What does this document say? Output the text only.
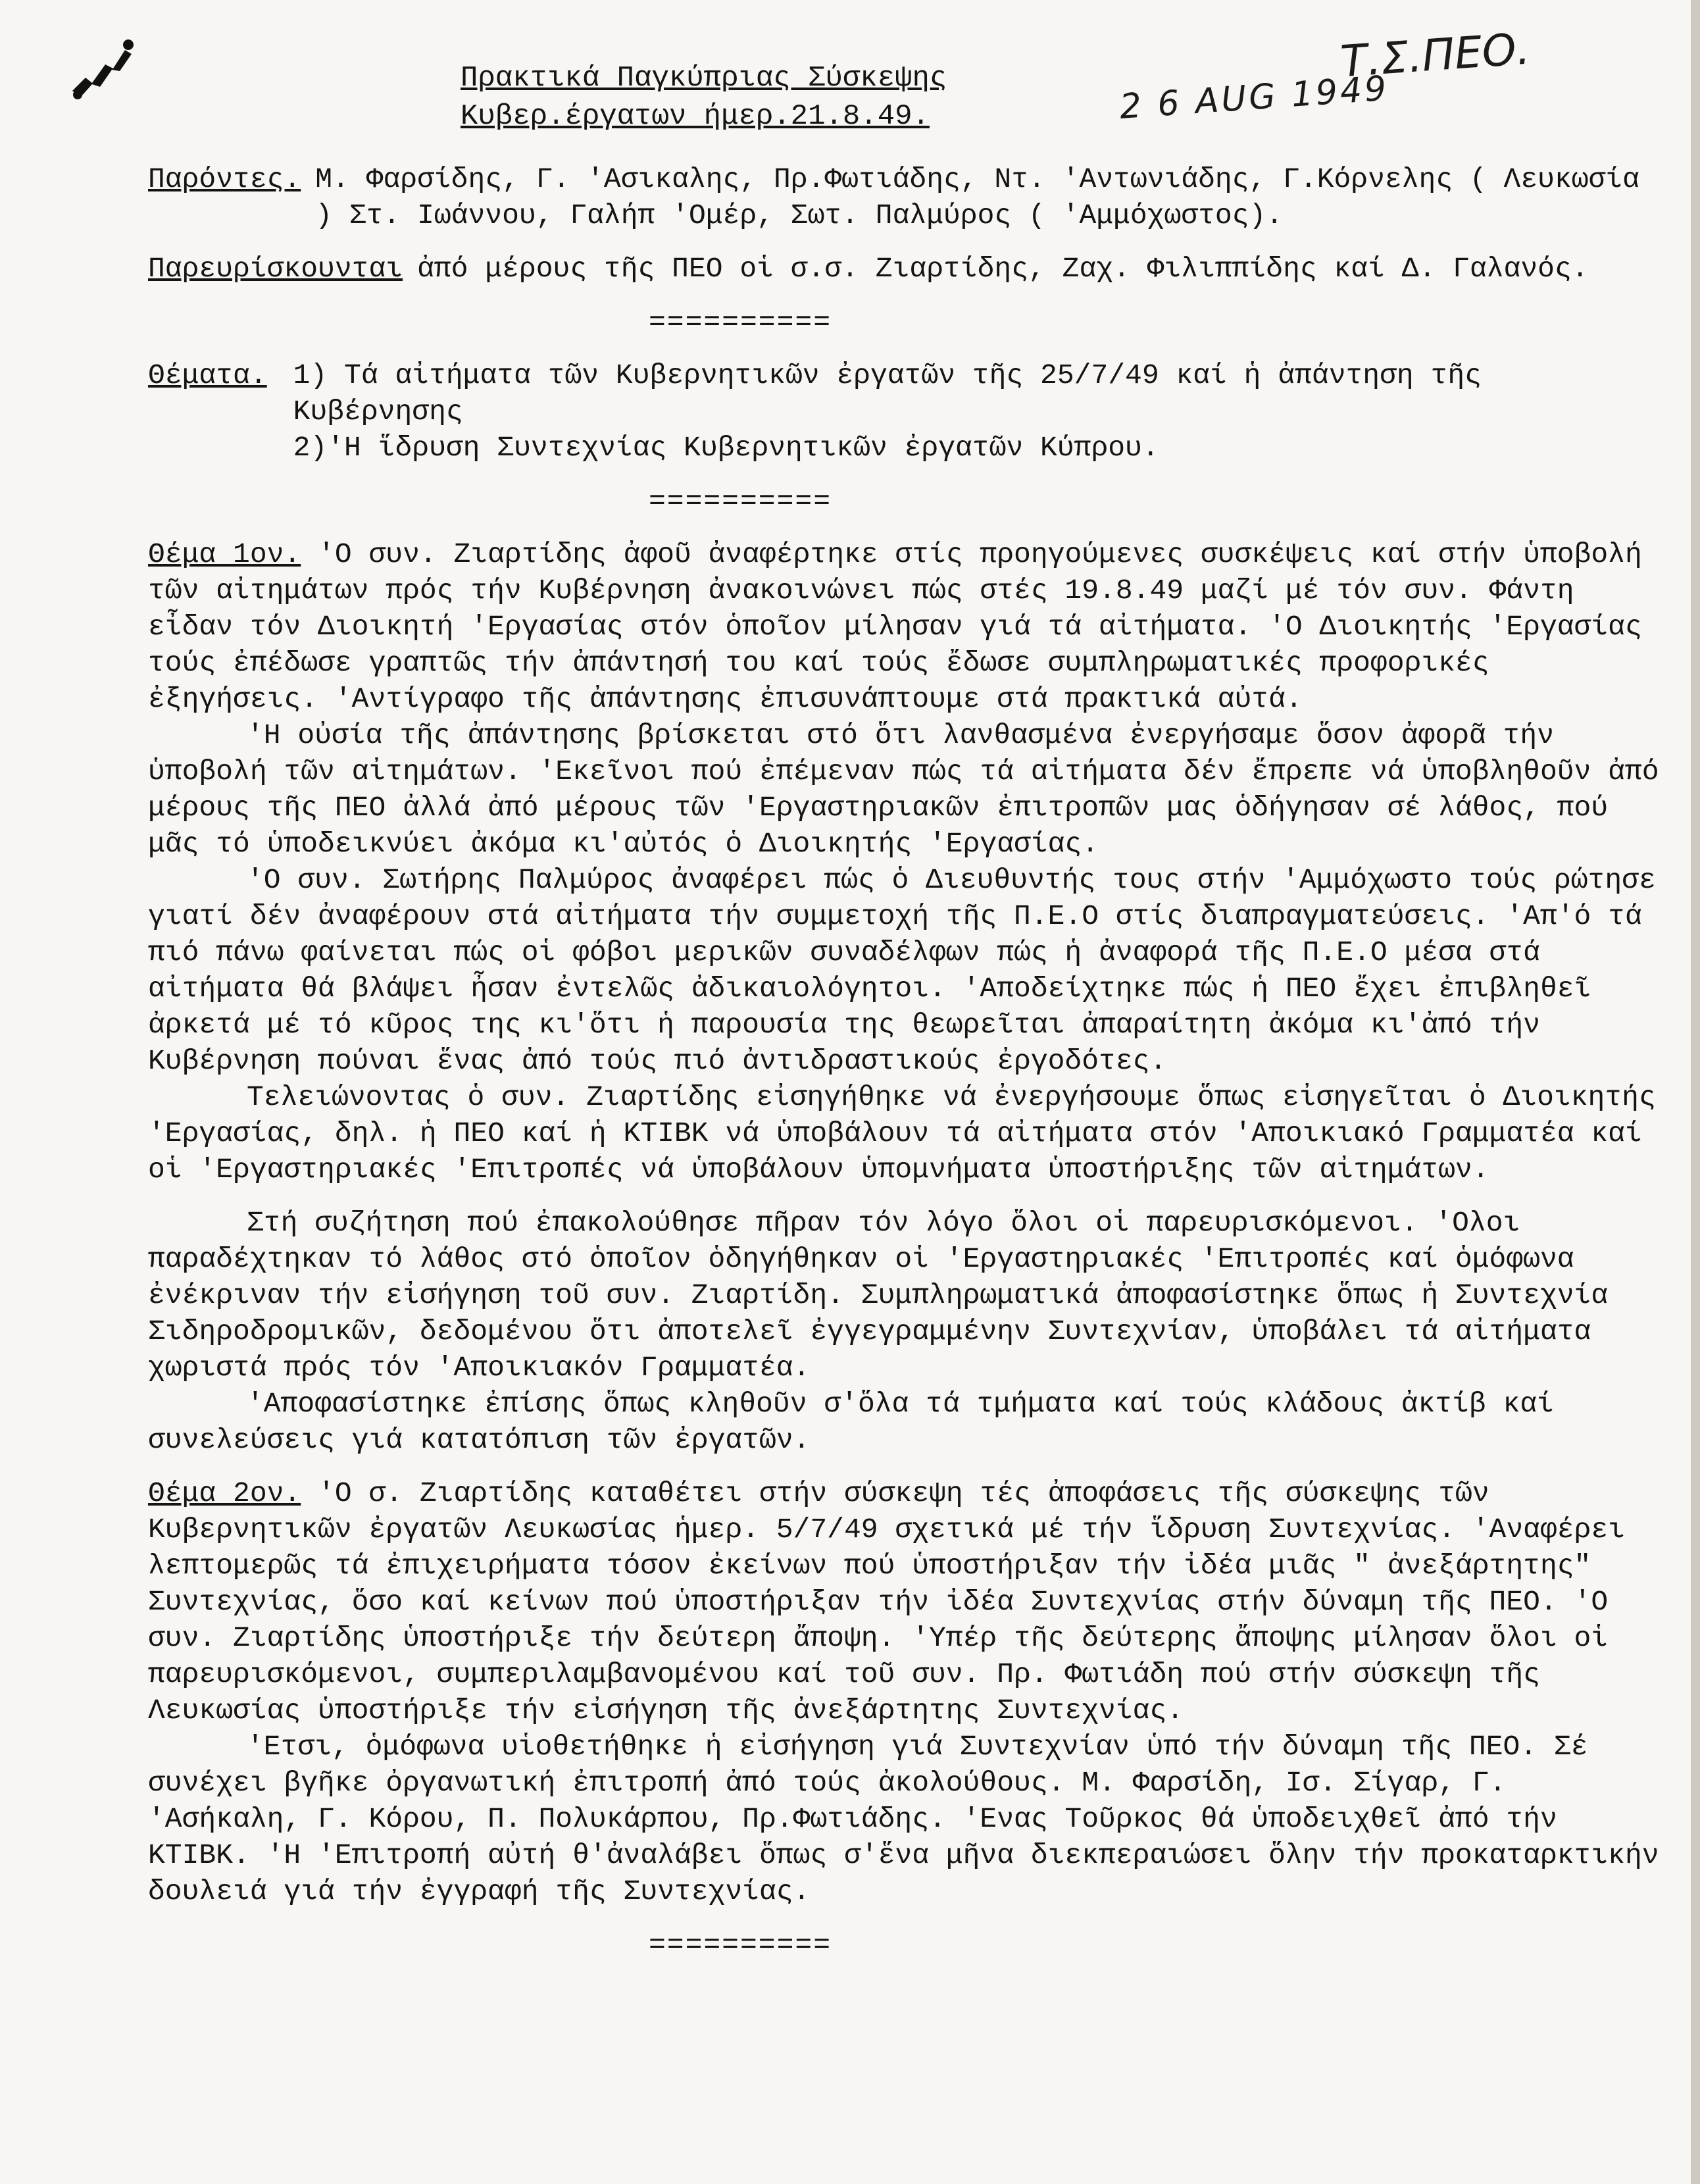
Πρακτικά Παγκύπριας Σύσκεψης
Κυβερ.έργατων ήμερ.21.8.49.	2 6 AUG 1949
Τ.Σ.ΠΕΟ.
Παρόντες. Μ. Φαρσίδης, Γ. 'Ασικαλης, Πρ.Φωτιάδης, Ντ. 'Αντωνιάδης, Γ.Κόρνελης ( Λευκωσία ) Στ. Ιωάννου, Γαλήπ 'Ομέρ, Σωτ. Παλμύρος ( 'Αμμόχωστος).
Παρευρίσκουνται ἀπό μέρους τῆς ΠΕΟ οἱ σ.σ. Ζιαρτίδης, Ζαχ. Φιλιππίδης καί Δ. Γαλανός.
==========
Θέματα. 1) Τά αἰτήματα τῶν Κυβερνητικῶν ἐργατῶν τῆς 25/7/49 καί ἡ ἀπάντηση τῆς Κυβέρνησης
2)'Η ἵδρυση Συντεχνίας Κυβερνητικῶν ἐργατῶν Κύπρου.
==========

Θέμα 1ον. 'Ο συν. Ζιαρτίδης ἀφοῦ ἀναφέρτηκε στίς προηγούμενες συσκέψεις καί στήν ὑποβολή τῶν αἰτημάτων πρός τήν Κυβέρνηση ἀνακοινώνει πώς στές 19.8.49 μαζί μέ τόν συν. Φάντη εἶδαν τόν Διοικητή 'Εργασίας στόν ὁποῖον μίλησαν γιά τά αἰτήματα. 'Ο Διοικητής 'Εργασίας τούς ἐπέδωσε γραπτῶς τήν ἀπάντησή του καί τούς ἔδωσε συμπληρωματικές προφορικές ἐξηγήσεις. 'Αντίγραφο τῆς ἀπάντησης ἐπισυνάπτουμε στά πρακτικά αὐτά.

'Η οὐσία τῆς ἀπάντησης βρίσκεται στό ὅτι λανθασμένα ἐνεργήσαμε ὅσον ἀφορᾶ τήν ὑποβολή τῶν αἰτημάτων. 'Εκεῖνοι πού ἐπέμεναν πώς τά αἰτήματα δέν ἔπρεπε νά ὑποβληθοῦν ἀπό μέρους τῆς ΠΕΟ ἀλλά ἀπό μέρους τῶν 'Εργαστηριακῶν ἐπιτροπῶν μας ὁδήγησαν σέ λάθος, πού μᾶς τό ὑποδεικνύει ἀκόμα κι'αὐτός ὁ Διοικητής 'Εργασίας.

'Ο συν. Σωτήρης Παλμύρος ἀναφέρει πώς ὁ Διευθυντής τους στήν 'Αμμόχωστο τούς ρώτησε γιατί δέν ἀναφέρουν στά αἰτήματα τήν συμμετοχή τῆς Π.Ε.Ο στίς διαπραγματεύσεις. 'Απ'ό τά πιό πάνω φαίνεται πώς οἱ φόβοι μερικῶν συναδέλφων πώς ἡ ἀναφορά τῆς Π.Ε.Ο μέσα στά αἰτήματα θά βλάψει ἦσαν ἐντελῶς ἀδικαιολόγητοι. 'Αποδείχτηκε πώς ἡ ΠΕΟ ἔχει ἐπιβληθεῖ ἀρκετά μέ τό κῦρος της κι'ὅτι ἡ παρουσία της θεωρεῖται ἀπαραίτητη ἀκόμα κι'ἀπό τήν Κυβέρνηση πούναι ἕνας ἀπό τούς πιό ἀντιδραστικούς ἐργοδότες.

Τελειώνοντας ὁ συν. Ζιαρτίδης εἰσηγήθηκε νά ἐνεργήσουμε ὅπως εἰσηγεῖται ὁ Διοικητής 'Εργασίας, δηλ. ἡ ΠΕΟ καί ἡ ΚΤΙΒΚ νά ὑποβάλουν τά αἰτήματα στόν 'Αποικιακό Γραμματέα καί οἱ 'Εργαστηριακές 'Επιτροπές νά ὑποβάλουν ὑπομνήματα ὑποστήριξης τῶν αἰτημάτων.

Στή συζήτηση πού ἐπακολούθησε πῆραν τόν λόγο ὅλοι οἱ παρευρισκόμενοι. 'Ολοι παραδέχτηκαν τό λάθος στό ὁποῖον ὁδηγήθηκαν οἱ 'Εργαστηριακές 'Επιτροπές καί ὁμόφωνα ἐνέκριναν τήν εἰσήγηση τοῦ συν. Ζιαρτίδη. Συμπληρωματικά ἀποφασίστηκε ὅπως ἡ Συντεχνία Σιδηροδρομικῶν, δεδομένου ὅτι ἀποτελεῖ ἐγγεγραμμένην Συντεχνίαν, ὑποβάλει τά αἰτήματα χωριστά πρός τόν 'Αποικιακόν Γραμματέα.

'Αποφασίστηκε ἐπίσης ὅπως κληθοῦν σ'ὅλα τά τμήματα καί τούς κλάδους ἀκτίβ καί συνελεύσεις γιά κατατόπιση τῶν ἐργατῶν.

Θέμα 2ον. 'Ο σ. Ζιαρτίδης καταθέτει στήν σύσκεψη τές ἀποφάσεις τῆς σύσκεψης τῶν Κυβερνητικῶν ἐργατῶν Λευκωσίας ἡμερ. 5/7/49 σχετικά μέ τήν ἵδρυση Συντεχνίας. 'Αναφέρει λεπτομερῶς τά ἐπιχειρήματα τόσον ἐκείνων πού ὑποστήριξαν τήν ἰδέα μιᾶς " ἀνεξάρτητης" Συντεχνίας, ὅσο καί κείνων πού ὑποστήριξαν τήν ἰδέα Συντεχνίας στήν δύναμη τῆς ΠΕΟ. 'Ο συν. Ζιαρτίδης ὑποστήριξε τήν δεύτερη ἄποψη. 'Υπέρ τῆς δεύτερης ἄποψης μίλησαν ὅλοι οἱ παρευρισκόμενοι, συμπεριλαμβανομένου καί τοῦ συν. Πρ. Φωτιάδη πού στήν σύσκεψη τῆς Λευκωσίας ὑποστήριξε τήν εἰσήγηση τῆς ἀνεξάρτητης Συντεχνίας.

'Ετσι, ὁμόφωνα υἱοθετήθηκε ἡ εἰσήγηση γιά Συντεχνίαν ὑπό τήν δύναμη τῆς ΠΕΟ. Σέ συνέχει βγῆκε ὀργανωτική ἐπιτροπή ἀπό τούς ἀκολούθους. Μ. Φαρσίδη, Ισ. Σίγαρ, Γ. 'Ασήκαλη, Γ. Κόρου, Π. Πολυκάρπου, Πρ.Φωτιάδης. 'Ενας Τοῦρκος θά ὑποδειχθεῖ ἀπό τήν ΚΤΙΒΚ. 'Η 'Επιτροπή αὐτή θ'ἀναλάβει ὅπως σ'ἕνα μῆνα διεκπεραιώσει ὅλην τήν προκαταρκτικήν δουλειά γιά τήν ἐγγραφή τῆς Συντεχνίας.

==========
